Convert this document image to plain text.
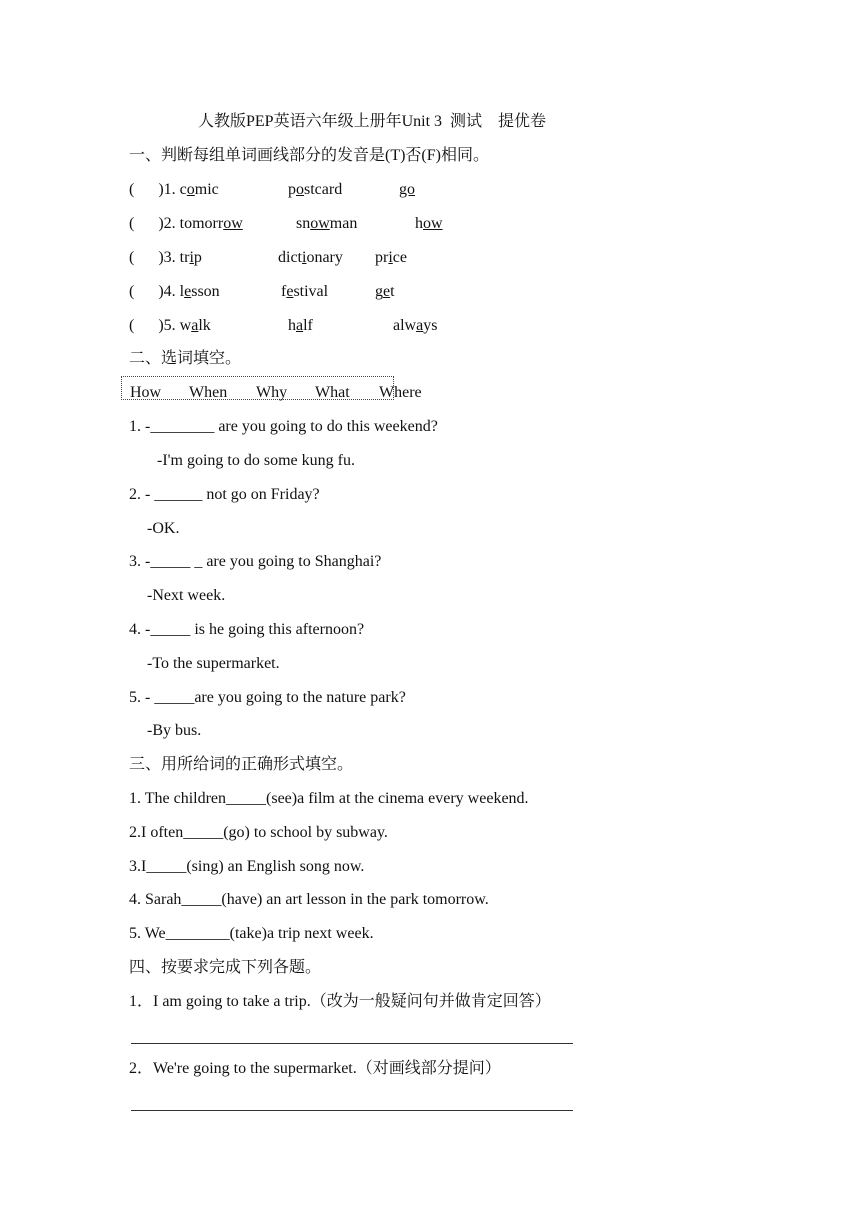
人教版PEP英语六年级上册年Unit 3  测试    提优卷
一、判断每组单词画线部分的发音是(T)否(F)相同。
(      )1. comic	postcard	go
(      )2. tomorrow	snowman	how
(      )3. trip	dictionary price
(      )4. lesson	festival	get
(      )5. walk	half	always
二、选词填空。
How When Why What Where
1. -________ are you going to do this weekend?
-I'm going to do some kung fu.
2. - ______ not go on Friday?
-OK.
3. -_____ _ are you going to Shanghai?
-Next week.
4. -_____ is he going this afternoon?
-To the supermarket.
5. - _____are you going to the nature park?
-By bus.
三、用所给词的正确形式填空。
1. The children_____(see)a film at the cinema every weekend.
2.I often_____(go) to school by subway.
3.I_____(sing) an English song now.
4. Sarah_____(have) an art lesson in the park tomorrow.
5. We________(take)a trip next week.
四、按要求完成下列各题。
1．I am going to take a trip.（改为一般疑问句并做肯定回答）
2．We're going to the supermarket.（对画线部分提问）
